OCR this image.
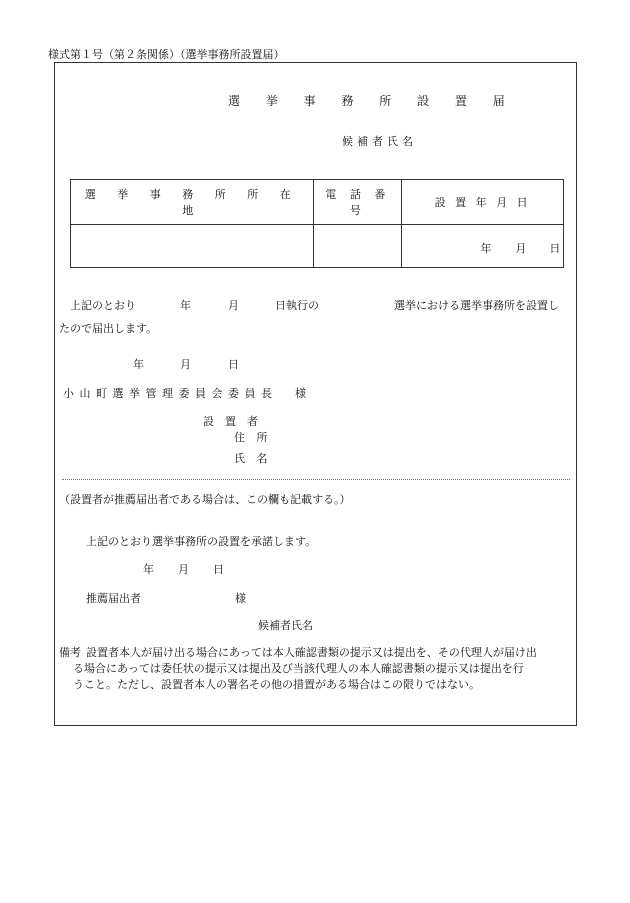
様式第１号（第２条関係）（選挙事務所設置届）
選 挙 事 務 所 設 置 届
候補者氏名
選 挙 事 務 所 所 在 地	電 話 番 号	設 置 年 月 日

		年 月 日
上記のとおり	年	月	日執行の	選挙における選挙事務所を設置し
たので届出します。
年	月	日
小 山 町 選 挙 管 理 委 員 会 委 員 長 様
設　置　者
住 所
氏 名
（設置者が推薦届出者である場合は、この欄も記載する。）
上記のとおり選挙事務所の設置を承諾します。
年 月 日
推薦届出者	様
候補者氏名
備考 設置者本人が届け出る場合にあっては本人確認書類の提示又は提出を、その代理人が届け出
る場合にあっては委任状の提示又は提出及び当該代理人の本人確認書類の提示又は提出を行
うこと。ただし、設置者本人の署名その他の措置がある場合はこの限りではない。
